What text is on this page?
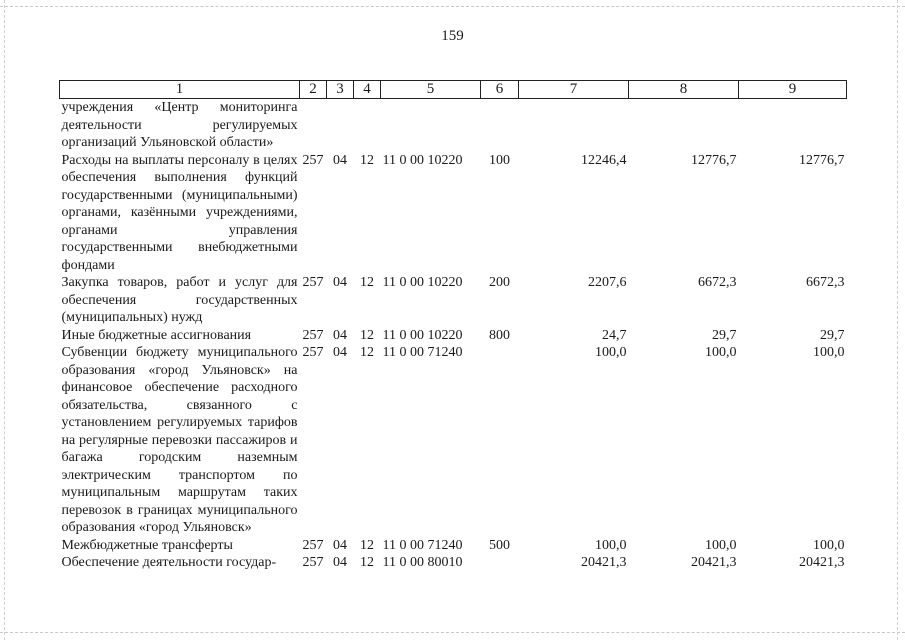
159
1	2	3	4	5	6	7	8	9
учреждения «Центр мониторинга деятельности регулируемых организаций Ульяновской области»								
Расходы на выплаты персоналу в целях обеспечения выполнения функций государственными (муниципальными) органами, казёнными учреждениями, органами управления государственными внебюджетными фондами	257	04	12	11 0 00 10220	100	12246,4	12776,7	12776,7
Закупка товаров, работ и услуг для обеспечения государственных (муниципальных) нужд	257	04	12	11 0 00 10220	200	2207,6	6672,3	6672,3
Иные бюджетные ассигнования	257	04	12	11 0 00 10220	800	24,7	29,7	29,7
Субвенции бюджету муниципального образования «город Ульяновск» на финансовое обеспечение расходного обязательства, связанного с установлением регулируемых тарифов на регулярные перевозки пассажиров и багажа городским наземным электрическим транспортом по муниципальным маршрутам таких перевозок в границах муниципального образования «город Ульяновск»	257	04	12	11 0 00 71240		100,0	100,0	100,0
Межбюджетные трансферты	257	04	12	11 0 00 71240	500	100,0	100,0	100,0
Обеспечение деятельности государ-	257	04	12	11 0 00 80010		20421,3	20421,3	20421,3
